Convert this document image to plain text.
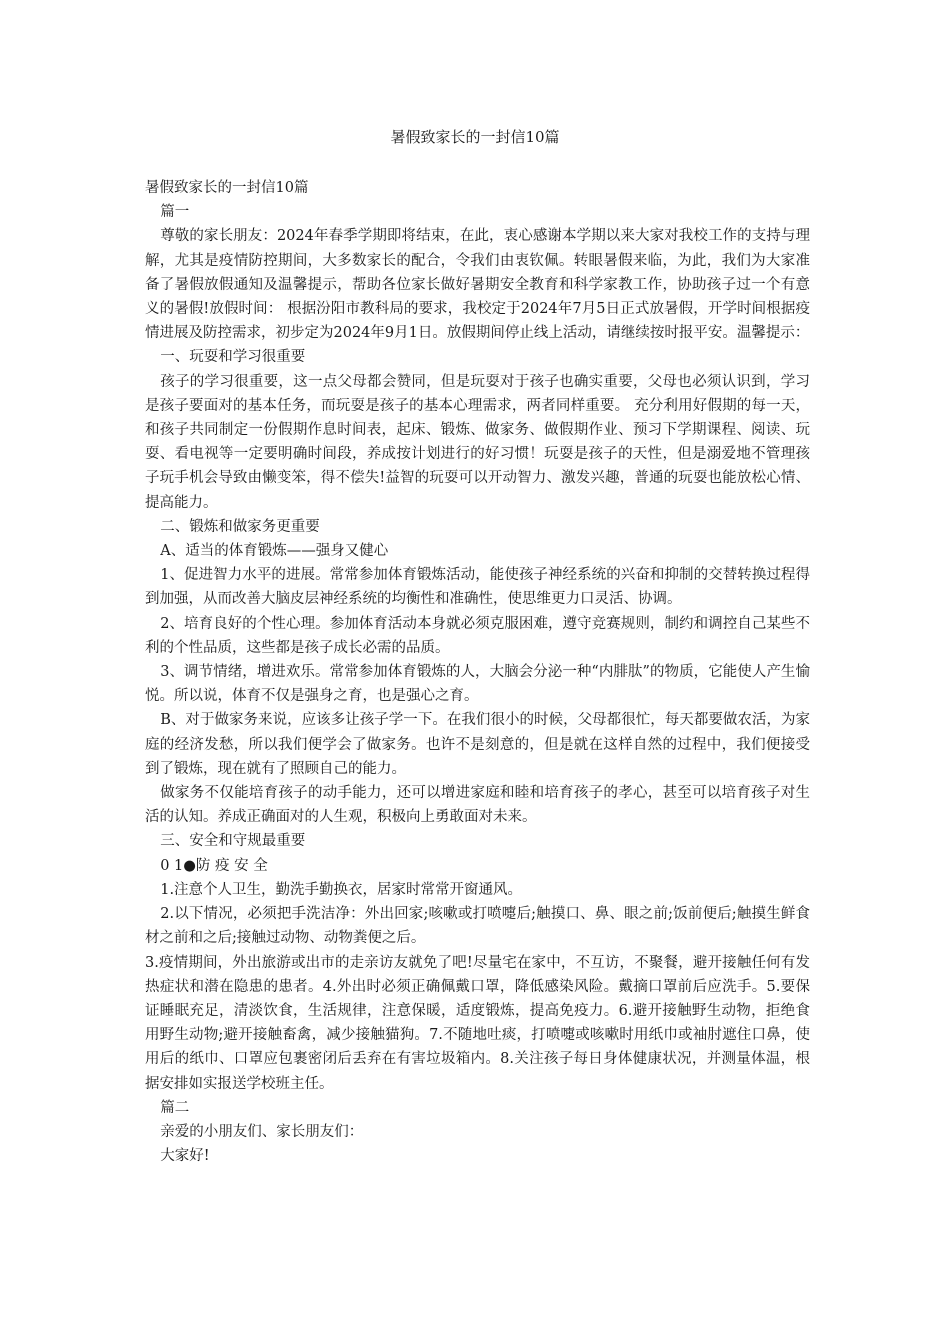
暑假致家长的一封信10篇

暑假致家长的一封信10篇

篇一

尊敬的家长朋友：2024年春季学期即将结束，在此，衷心感谢本学期以来大家对我校工作的支持与理解，尤其是疫情防控期间，大多数家长的配合，令我们由衷钦佩。转眼暑假来临，为此，我们为大家准备了暑假放假通知及温馨提示，帮助各位家长做好暑期安全教育和科学家教工作，协助孩子过一个有意义的暑假!放假时间： 根据汾阳市教科局的要求，我校定于2024年7月5日正式放暑假，开学时间根据疫情进展及防控需求，初步定为2024年9月1日。放假期间停止线上活动，请继续按时报平安。温馨提示：

一、玩耍和学习很重要

孩子的学习很重要，这一点父母都会赞同，但是玩耍对于孩子也确实重要，父母也必须认识到，学习是孩子要面对的基本任务，而玩耍是孩子的基本心理需求，两者同样重要。 充分利用好假期的每一天，和孩子共同制定一份假期作息时间表，起床、锻炼、做家务、做假期作业、预习下学期课程、阅读、玩耍、看电视等一定要明确时间段，养成按计划进行的好习惯！玩耍是孩子的天性，但是溺爱地不管理孩子玩手机会导致由懒变笨，得不偿失!益智的玩耍可以开动智力、激发兴趣，普通的玩耍也能放松心情、提高能力。

二、锻炼和做家务更重要

A、适当的体育锻炼——强身又健心

1、促进智力水平的进展。常常参加体育锻炼活动，能使孩子神经系统的兴奋和抑制的交替转换过程得到加强，从而改善大脑皮层神经系统的均衡性和准确性，使思维更力口灵活、协调。

2、培育良好的个性心理。参加体育活动本身就必须克服困难，遵守竞赛规则，制约和调控自己某些不利的个性品质，这些都是孩子成长必需的品质。

3、调节情绪，增进欢乐。常常参加体育锻炼的人，大脑会分泌一种“内腓肽”的物质，它能使人产生愉悦。所以说，体育不仅是强身之育，也是强心之育。

B、对于做家务来说，应该多让孩子学一下。在我们很小的时候，父母都很忙，每天都要做农活，为家庭的经济发愁，所以我们便学会了做家务。也许不是刻意的，但是就在这样自然的过程中，我们便接受到了锻炼，现在就有了照顾自己的能力。

做家务不仅能培育孩子的动手能力，还可以增进家庭和睦和培育孩子的孝心，甚至可以培育孩子对生活的认知。养成正确面对的人生观，积极向上勇敢面对未来。

三、安全和守规最重要

0 1●防 疫 安 全

1.注意个人卫生，勤洗手勤换衣，居家时常常开窗通风。

2.以下情况，必须把手洗洁净：外出回家;咳嗽或打喷嚏后;触摸口、鼻、眼之前;饭前便后;触摸生鲜食材之前和之后;接触过动物、动物粪便之后。

3.疫情期间，外出旅游或出市的走亲访友就免了吧!尽量宅在家中，不互访，不聚餐，避开接触任何有发热症状和潜在隐患的患者。4.外出时必须正确佩戴口罩，降低感染风险。戴摘口罩前后应洗手。5.要保证睡眠充足，清淡饮食，生活规律，注意保暖，适度锻炼，提高免疫力。6.避开接触野生动物，拒绝食用野生动物;避开接触畜禽，减少接触猫狗。7.不随地吐痰，打喷嚏或咳嗽时用纸巾或袖肘遮住口鼻，使用后的纸巾、口罩应包裹密闭后丢弃在有害垃圾箱内。8.关注孩子每日身体健康状况，并测量体温，根据安排如实报送学校班主任。

篇二

亲爱的小朋友们、家长朋友们：

大家好!
